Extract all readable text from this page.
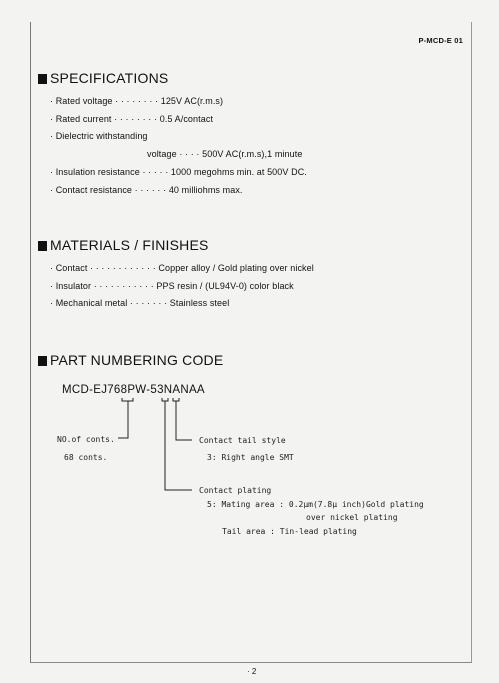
P-MCD-E 01
SPECIFICATIONS
· Rated voltage · · · · · · · · 125V AC(r.m.s)
· Rated current · · · · · · · · 0.5 A/contact
· Dielectric withstanding
voltage · · · · 500V AC(r.m.s),1 minute
· Insulation resistance · · · · · 1000 megohms min. at 500V DC.
· Contact resistance · · · · · · 40 milliohms max.
MATERIALS / FINISHES
· Contact · · · · · · · · · · · · Copper alloy / Gold plating over nickel
· Insulator · · · · · · · · · · · PPS resin / (UL94V-0) color black
· Mechanical metal · · · · · · · Stainless steel
PART NUMBERING CODE
MCD-EJ768PW-53NANAA
NO.of conts.
68 conts.
Contact tail style
3: Right angle SMT
Contact plating
5: Mating area : 0.2μm(7.8μ inch)Gold plating
over nickel plating
Tail area : Tin-lead plating
· 2
